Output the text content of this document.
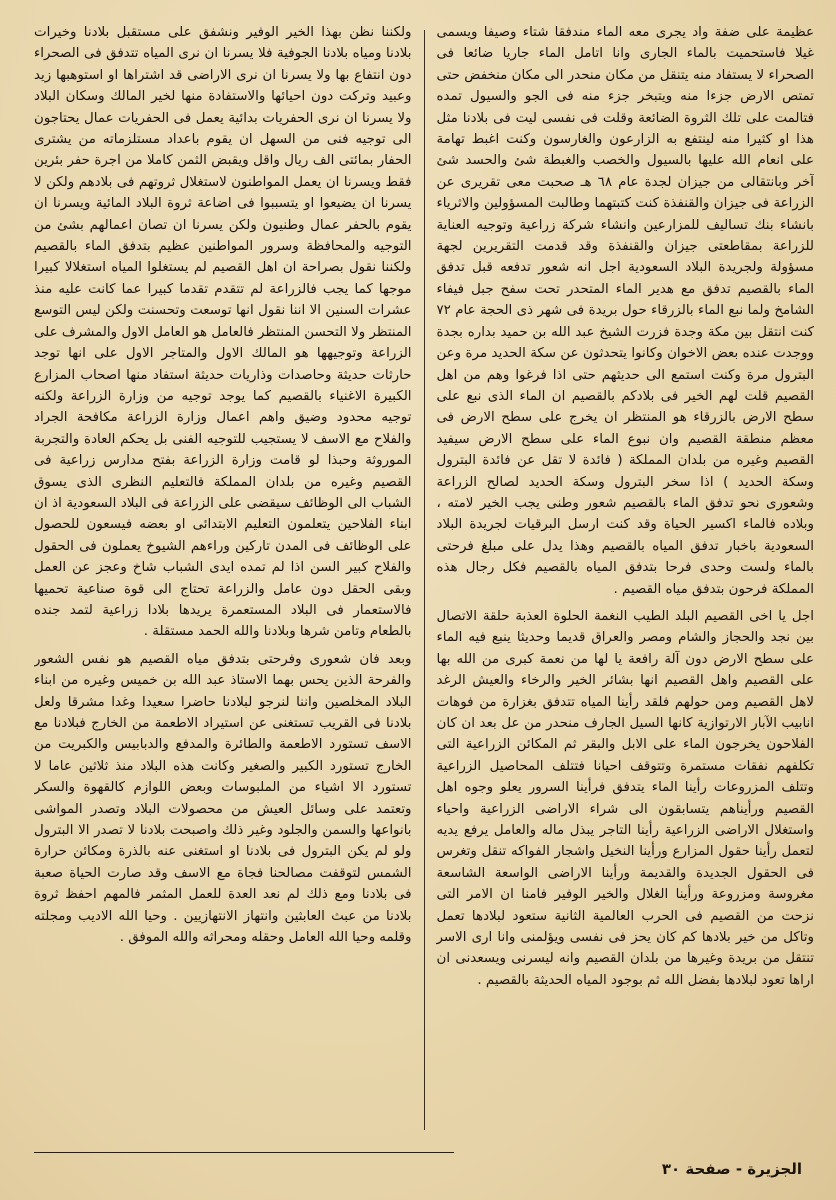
عظيمة على ضفة واد يجرى معه الماء مندفقا شتاء وصيفا ويسمى غيلا فاستحميت بالماء الجارى وانا اتامل الماء جاريا ضائعا فى الصحراء لا يستفاد منه يتنقل من مكان منحدر الى مكان منخفض حتى تمتص الارض جزءا منه ويتبخر جزء منه فى الجو والسيول تمده فتالمت على تلك الثروة الضائعة وقلت فى نفسى ليت فى بلادنا مثل هذا او كثيرا منه لينتفع به الزارعون والغارسون وكنت اغبط تهامة على انعام الله عليها بالسيول والخصب والغبطة شئ والحسد شئ آخر وبانتقالى من جيزان لجدة عام ٦٨ هـ صحبت معى تقريرى عن الزراعة فى جيزان والقنفذة كنت كتبتهما وطالبت المسؤولين والاثرياء بانشاء بنك تساليف للمزارعين وانشاء شركة زراعية وتوجيه العناية للزراعة بمقاطعتى جيزان والقنفذة وقد قدمت التقريرين لجهة مسؤولة ولجريدة البلاد السعودية اجل انه شعور تدفعه قبل تدفق الماء بالقصيم تدفق مع هدير الماء المتحدر تحت سفح جبل فيفاء الشامخ ولما نبع الماء بالزرقاء حول بريدة فى شهر ذى الحجة عام ٧٢ كنت انتقل بين مكة وجدة فزرت الشيخ عبد الله بن حميد بداره بجدة ووجدت عنده بعض الاخوان وكانوا يتحدثون عن سكة الحديد مرة وعن البترول مرة وكنت استمع الى حديثهم حتى اذا فرغوا وهم من اهل القصيم قلت لهم الخير فى بلادكم بالقصيم ان الماء الذى نبع على سطح الارض بالزرقاء هو المنتظر ان يخرج على سطح الارض فى معظم منطقة القصيم وان نبوع الماء على سطح الارض سيفيد القصيم وغيره من بلدان المملكة ( فائدة لا تقل عن فائدة البترول وسكة الحديد ) اذا سخر البترول وسكة الحديد لصالح الزراعة وشعورى نحو تدفق الماء بالقصيم شعور وطنى يجب الخير لامته ، وبلاده فالماء اكسير الحياة وقد كنت ارسل البرقيات لجريدة البلاد السعودية باخبار تدفق المياه بالقصيم وهذا يدل على مبلغ فرحتى بالماء ولست وحدى فرحا بتدفق المياه بالقصيم فكل رجال هذه المملكة فرحون بتدفق مياه القصيم .

اجل يا اخى القصيم البلد الطيب النغمة الحلوة العذبة حلقة الاتصال بين نجد والحجاز والشام ومصر والعراق قديما وحديثا ينبع فيه الماء على سطح الارض دون آلة رافعة يا لها من نعمة كبرى من الله بها على القصيم واهل القصيم انها بشائر الخير والرخاء والعيش الرغد لاهل القصيم ومن حولهم فلقد رأينا المياه تتدفق بغزارة من فوهات انابيب الآبار الارتوازية كانها السيل الجارف منحدر من عل بعد ان كان الفلاحون يخرجون الماء على الابل والبقر ثم المكائن الزراعية التى تكلفهم نفقات مستمرة وتتوقف احيانا فتتلف المحاصيل الزراعية وتتلف المزروعات رأينا الماء يتدفق فرأينا السرور يعلو وجوه اهل القصيم ورأيناهم يتسابقون الى شراء الاراضى الزراعية واحياء واستغلال الاراضى الزراعية رأينا التاجر يبذل ماله والعامل يرفع يديه لتعمل رأينا حقول المزارع ورأينا النخيل واشجار الفواكه تنقل وتغرس فى الحقول الجديدة والقديمة ورأينا الاراضى الواسعة الشاسعة مغروسة ومزروعة ورأينا الغلال والخير الوفير فامنا ان الامر التى نزحت من القصيم فى الحرب العالمية الثانية ستعود لبلادها تعمل وتاكل من خير بلادها كم كان يحز فى نفسى ويؤلمنى وانا ارى الاسر تنتقل من بريدة وغيرها من بلدان القصيم وانه ليسرنى ويسعدنى ان اراها تعود لبلادها بفضل الله ثم بوجود المياه الحديثة بالقصيم .

ولكننا نظن بهذا الخير الوفير ونشفق على مستقبل بلادنا وخيرات بلادنا ومياه بلادنا الجوفية فلا يسرنا ان نرى المياه تتدفق فى الصحراء دون انتفاع بها ولا يسرنا ان نرى الاراضى قد اشتراها او استوهبها زيد وعبيد وتركت دون احيائها والاستفادة منها لخير المالك وسكان البلاد ولا يسرنا ان نرى الحفريات بدائية يعمل فى الحفريات عمال يحتاجون الى توجيه فنى من السهل ان يقوم باعداد مستلزماته من يشترى الحفار بمائتى الف ريال واقل ويقبض الثمن كاملا من اجرة حفر بئرين فقط ويسرنا ان يعمل المواطنون لاستغلال ثروتهم فى بلادهم ولكن لا يسرنا ان يضيعوا او يتسببوا فى اضاعة ثروة البلاد المائية ويسرنا ان يقوم بالحفر عمال وطنيون ولكن يسرنا ان تصان اعمالهم بشئ من التوجيه والمحافظة وسرور المواطنين عظيم بتدفق الماء بالقصيم ولكننا نقول بصراحة ان اهل القصيم لم يستغلوا المياه استغلالا كبيرا موجها كما يجب فالزراعة لم تتقدم تقدما كبيرا عما كانت عليه منذ عشرات السنين الا اننا نقول انها توسعت وتحسنت ولكن ليس التوسع المنتظر ولا التحسن المنتظر فالعامل هو العامل الاول والمشرف على الزراعة وتوجيهها هو المالك الاول والمتاجر الاول على انها توجد حارثات حديثة وحاصدات وذاريات حديثة استفاد منها اصحاب المزارع الكبيرة الاغنياء بالقصيم كما يوجد توجيه من وزارة الزراعة ولكنه توجيه محدود وضيق واهم اعمال وزارة الزراعة مكافحة الجراد والفلاح مع الاسف لا يستجيب للتوجيه الفنى بل يحكم العادة والتجربة الموروثة وحبذا لو قامت وزارة الزراعة بفتح مدارس زراعية فى القصيم وغيره من بلدان المملكة فالتعليم النظرى الذى يسوق الشباب الى الوظائف سيقضى على الزراعة فى البلاد السعودية اذ ان ابناء الفلاحين يتعلمون التعليم الابتدائى او بعضه فيسعون للحصول على الوظائف فى المدن تاركين وراءهم الشيوخ يعملون فى الحقول والفلاح كبير السن اذا لم تمده ايدى الشباب شاخ وعجز عن العمل وبقى الحقل دون عامل والزراعة تحتاج الى قوة صناعية تحميها فالاستعمار فى البلاد المستعمرة يريدها بلادا زراعية لتمد جنده بالطعام وتامن شرها وبلادنا والله الحمد مستقلة .

وبعد فان شعورى وفرحتى بتدفق مياه القصيم هو نفس الشعور والفرحة الذين يحس بهما الاستاذ عبد الله بن خميس وغيره من ابناء البلاد المخلصين واننا لنرجو لبلادنا حاضرا سعيدا وغدا مشرقا ولعل بلادنا فى القريب تستغنى عن استيراد الاطعمة من الخارج فبلادنا مع الاسف تستورد الاطعمة والطائرة والمدفع والدبابيس والكبريت من الخارج تستورد الكبير والصغير وكانت هذه البلاد منذ ثلاثين عاما لا تستورد الا اشياء من الملبوسات وبعض اللوازم كالقهوة والسكر وتعتمد على وسائل العيش من محصولات البلاد وتصدر المواشى بانواعها والسمن والجلود وغير ذلك واصبحت بلادنا لا تصدر الا البترول ولو لم يكن البترول فى بلادنا او استغنى عنه بالذرة ومكائن حرارة الشمس لتوقفت مصالحنا فجاة مع الاسف وقد صارت الحياة صعبة فى بلادنا ومع ذلك لم نعد العدة للعمل المثمر فالمهم احفظ ثروة بلادنا من عبث العابثين وانتهاز الانتهازيين . وحيا الله الاديب ومجلته وقلمه وحيا الله العامل وحقله ومحراثه والله الموفق .

الجزيرة - صفحة ٣٠
